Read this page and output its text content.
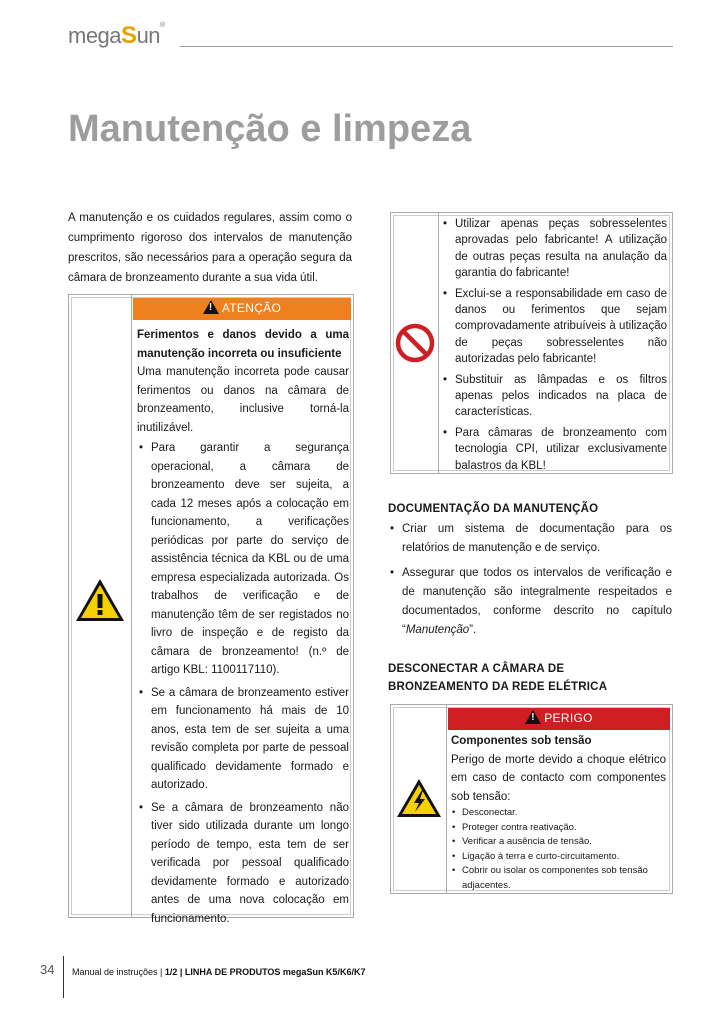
megaSun®
Manutenção e limpeza
A manutenção e os cuidados regulares, assim como o cumprimento rigoroso dos intervalos de manutenção prescritos, são necessários para a operação segura da câmara de bronzeamento durante a sua vida útil.
!ATENÇÃO
Ferimentos e danos devido a uma manutenção incorreta ou insuficiente
Uma manutenção incorreta pode causar ferimentos ou danos na câmara de bronzeamento, inclusive torná-la inutilizável.
• Para garantir a segurança operacional, a câmara de bronzeamento deve ser sujeita, a cada 12 meses após a colocação em funcionamento, a verificações periódicas por parte do serviço de assistência técnica da KBL ou de uma empresa especializada autorizada. Os trabalhos de verificação e de manutenção têm de ser registados no livro de inspeção e de registo da câmara de bronzeamento! (n.º de artigo KBL: 1100117110).
• Se a câmara de bronzeamento estiver em funcionamento há mais de 10 anos, esta tem de ser sujeita a uma revisão completa por parte de pessoal qualificado devidamente formado e autorizado.
• Se a câmara de bronzeamento não tiver sido utilizada durante um longo período de tempo, esta tem de ser verificada por pessoal qualificado devidamente formado e autorizado antes de uma nova colocação em funcionamento.
• Utilizar apenas peças sobresselentes aprovadas pelo fabricante! A utilização de outras peças resulta na anulação da garantia do fabricante!
• Exclui-se a responsabilidade em caso de danos ou ferimentos que sejam comprovadamente atribuíveis à utilização de peças sobresselentes não autorizadas pelo fabricante!
• Substituir as lâmpadas e os filtros apenas pelos indicados na placa de características.
• Para câmaras de bronzeamento com tecnologia CPI, utilizar exclusivamente balastros da KBL!
DOCUMENTAÇÃO DA MANUTENÇÃO
• Criar um sistema de documentação para os relatórios de manutenção e de serviço.
• Assegurar que todos os intervalos de verificação e de manutenção são integralmente respeitados e documentados, conforme descrito no capítulo “Manutenção”.
DESCONECTAR A CÂMARA DE
BRONZEAMENTO DA REDE ELÉTRICA
!PERIGO
Componentes sob tensão
Perigo de morte devido a choque elétrico em caso de contacto com componentes sob tensão:
• Desconectar.
• Proteger contra reativação.
• Verificar a ausência de tensão.
• Ligação à terra e curto-circuitamento.
• Cobrir ou isolar os componentes sob tensão adjacentes.
34 Manual de instruções | 1/2 | LINHA DE PRODUTOS megaSun K5/K6/K7
